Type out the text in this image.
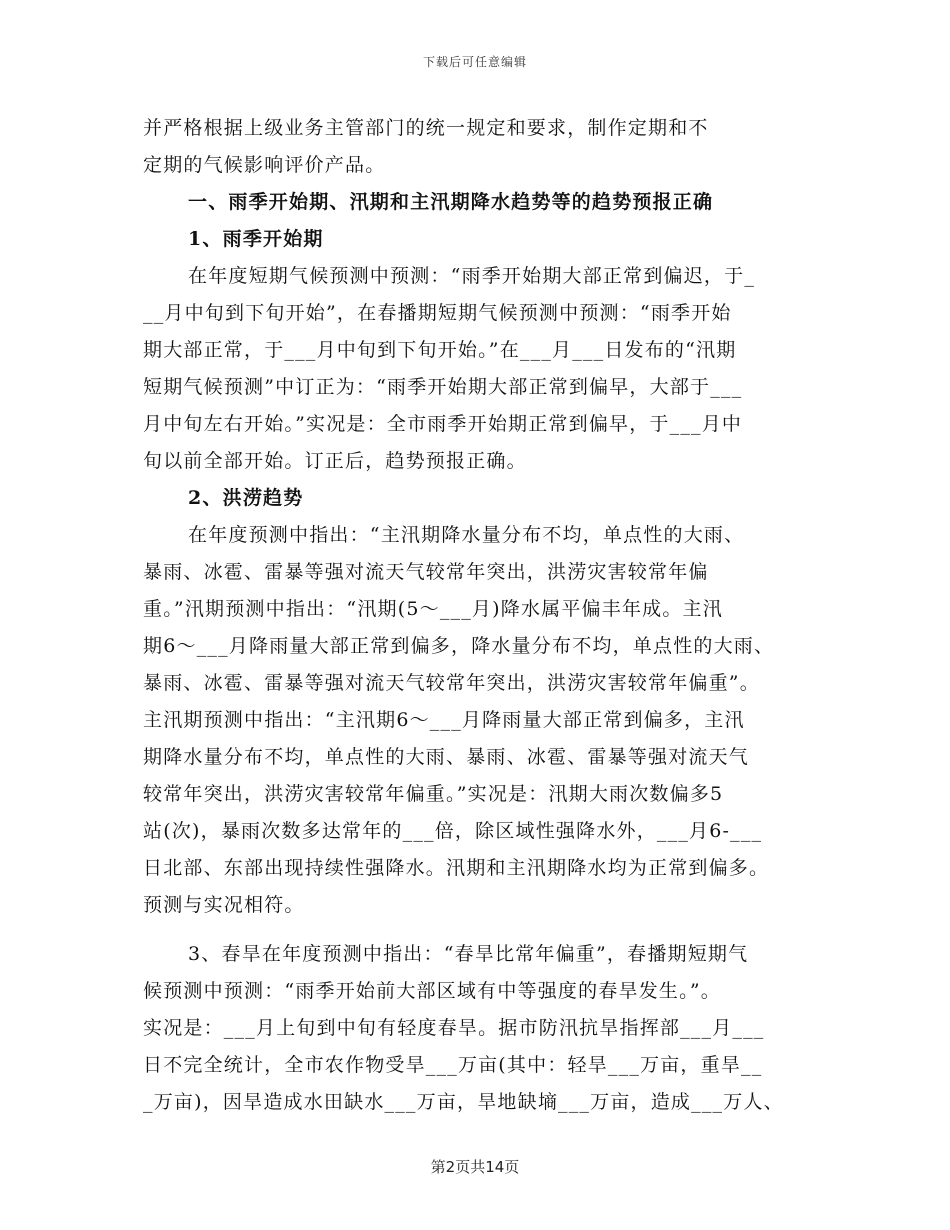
下载后可任意编辑
并严格根据上级业务主管部门的统一规定和要求，制作定期和不
定期的气候影响评价产品。
一、雨季开始期、汛期和主汛期降水趋势等的趋势预报正确
1、雨季开始期
在年度短期气候预测中预测：“雨季开始期大部正常到偏迟，于_
__月中旬到下旬开始”，在春播期短期气候预测中预测：“雨季开始
期大部正常，于___月中旬到下旬开始。”在___月___日发布的“汛期
短期气候预测”中订正为：“雨季开始期大部正常到偏早，大部于___
月中旬左右开始。”实况是：全市雨季开始期正常到偏早，于___月中
旬以前全部开始。订正后，趋势预报正确。
2、洪涝趋势
在年度预测中指出：“主汛期降水量分布不均，单点性的大雨、
暴雨、冰雹、雷暴等强对流天气较常年突出，洪涝灾害较常年偏
重。”汛期预测中指出：“汛期(5～___月)降水属平偏丰年成。主汛
期6～___月降雨量大部正常到偏多，降水量分布不均，单点性的大雨、
暴雨、冰雹、雷暴等强对流天气较常年突出，洪涝灾害较常年偏重”。
主汛期预测中指出：“主汛期6～___月降雨量大部正常到偏多，主汛
期降水量分布不均，单点性的大雨、暴雨、冰雹、雷暴等强对流天气
较常年突出，洪涝灾害较常年偏重。”实况是：汛期大雨次数偏多5
站(次)，暴雨次数多达常年的___倍，除区域性强降水外，___月6-___
日北部、东部出现持续性强降水。汛期和主汛期降水均为正常到偏多。
预测与实况相符。
3、春旱在年度预测中指出：“春旱比常年偏重”，春播期短期气
候预测中预测：“雨季开始前大部区域有中等强度的春旱发生。”。
实况是：___月上旬到中旬有轻度春旱。据市防汛抗旱指挥部___月___
日不完全统计，全市农作物受旱___万亩(其中：轻旱___万亩，重旱__
_万亩)，因旱造成水田缺水___万亩，旱地缺墒___万亩，造成___万人、
第2页共14页
